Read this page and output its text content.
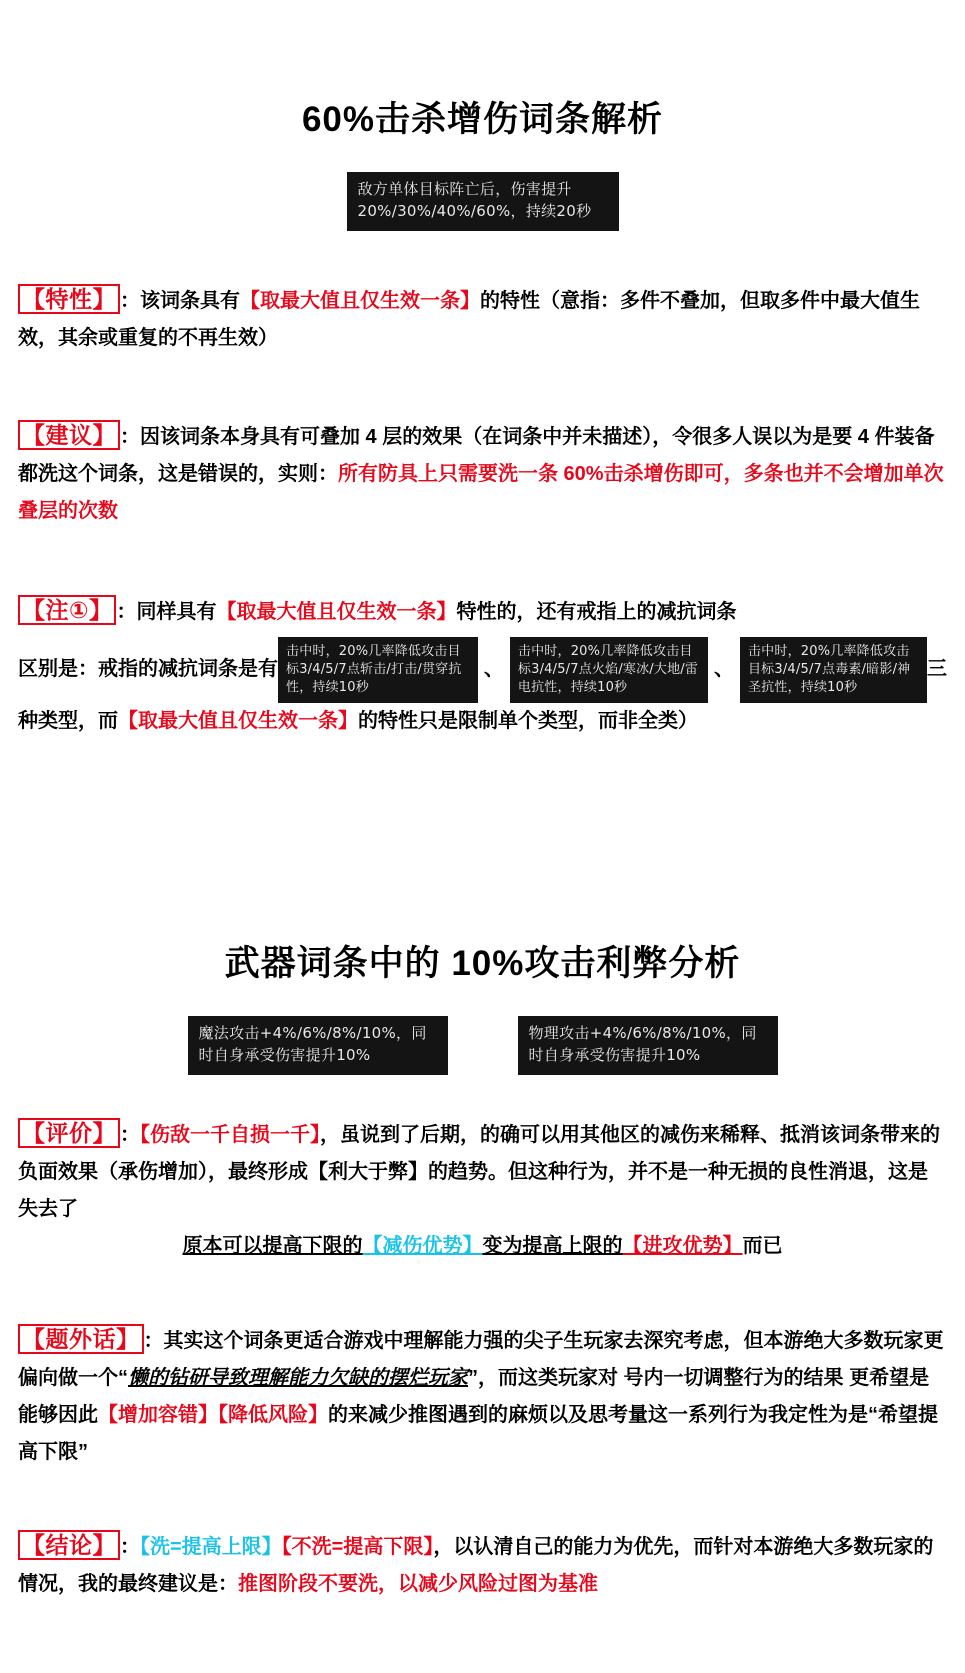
60%击杀增伤词条解析
敌方单体目标阵亡后，伤害提升20%/30%/40%/60%，持续20秒

【特性】 ：该词条具有【取最大值且仅生效一条】的特性（意指：多件不叠加，但取多件中最大值生效，其余或重复的不再生效）

【建议】 ：因该词条本身具有可叠加 4 层的效果（在词条中并未描述），令很多人误以为是要 4 件装备都洗这个词条，这是错误的，实则：所有防具上只需要洗一条 60%击杀增伤即可，多条也并不会增加单次叠层的次数

【注①】 ：同样具有【取最大值且仅生效一条】特性的，还有戒指上的减抗词条

区别是：戒指的减抗词条是有
击中时，20%几率降低攻击目标3/4/5/7点斩击/打击/贯穿抗性，持续10秒
、
击中时，20%几率降低攻击目标3/4/5/7点火焰/寒冰/大地/雷电抗性，持续10秒
、
击中时，20%几率降低攻击目标3/4/5/7点毒素/暗影/神圣抗性，持续10秒
三

种类型，而【取最大值且仅生效一条】的特性只是限制单个类型，而非全类）

武器词条中的 10%攻击利弊分析
魔法攻击+4%/6%/8%/10%，同时自身承受伤害提升10%
物理攻击+4%/6%/8%/10%，同时自身承受伤害提升10%

【评价】 ：【伤敌一千自损一千】，虽说到了后期，的确可以用其他区的减伤来稀释、抵消该词条带来的负面效果（承伤增加），最终形成【利大于弊】的趋势。但这种行为，并不是一种无损的良性消退，这是失去了

原本可以提高下限的【减伤优势】变为提高上限的【进攻优势】而已

【题外话】 ：其实这个词条更适合游戏中理解能力强的尖子生玩家去深究考虑，但本游绝大多数玩家更偏向做一个“懒的钻研导致理解能力欠缺的摆烂玩家”，而这类玩家对 号内一切调整行为的结果 更希望是能够因此【增加容错】【降低风险】的来减少推图遇到的麻烦以及思考量这一系列行为我定性为是“希望提高下限”

【结论】 ：【洗=提高上限】【不洗=提高下限】，以认清自己的能力为优先，而针对本游绝大多数玩家的情况，我的最终建议是：推图阶段不要洗，以减少风险过图为基准
